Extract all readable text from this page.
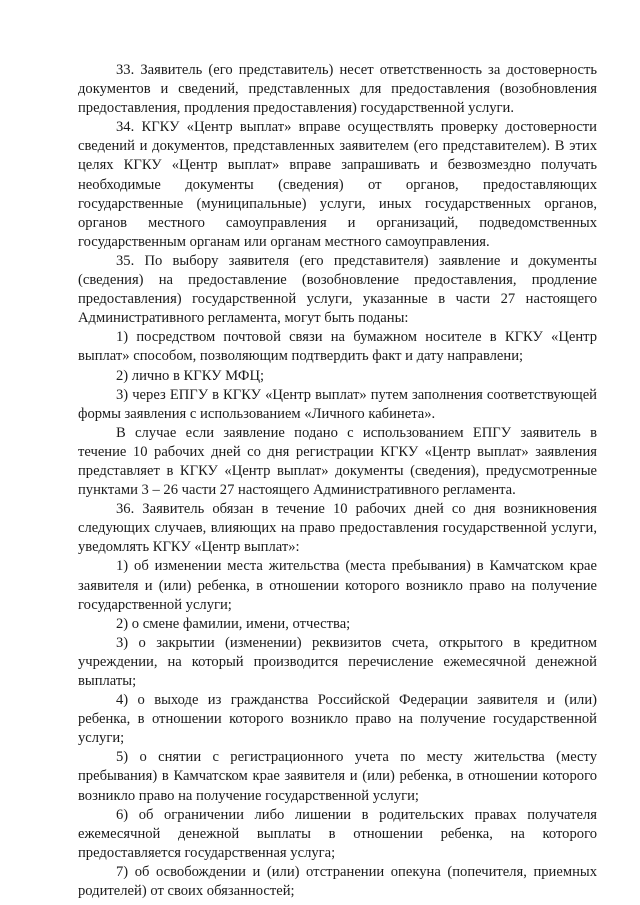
33. Заявитель (его представитель) несет ответственность за достоверность документов и сведений, представленных для предоставления (возобновления предоставления, продления предоставления) государственной услуги.

34. КГКУ «Центр выплат» вправе осуществлять проверку достоверности сведений и документов, представленных заявителем (его представителем). В этих целях КГКУ «Центр выплат» вправе запрашивать и безвозмездно получать необходимые документы (сведения) от органов, предоставляющих государственные (муниципальные) услуги, иных государственных органов, органов местного самоуправления и организаций, подведомственных государственным органам или органам местного самоуправления.

35. По выбору заявителя (его представителя) заявление и документы (сведения) на предоставление (возобновление предоставления, продление предоставления) государственной услуги, указанные в части 27 настоящего Административного регламента, могут быть поданы:

1) посредством почтовой связи на бумажном носителе в КГКУ «Центр выплат» способом, позволяющим подтвердить факт и дату направлени;

2) лично в КГКУ МФЦ;

3) через ЕПГУ в КГКУ «Центр выплат» путем заполнения соответствующей формы заявления с использованием «Личного кабинета».

В случае если заявление подано с использованием ЕПГУ заявитель в течение 10 рабочих дней со дня регистрации КГКУ «Центр выплат» заявления представляет в КГКУ «Центр выплат» документы (сведения), предусмотренные пунктами 3 – 26 части 27 настоящего Административного регламента.

36. Заявитель обязан в течение 10 рабочих дней со дня возникновения следующих случаев, влияющих на право предоставления государственной услуги, уведомлять КГКУ «Центр выплат»:

1) об изменении места жительства (места пребывания) в Камчатском крае заявителя и (или) ребенка, в отношении которого возникло право на получение государственной услуги;

2) о смене фамилии, имени, отчества;

3) о закрытии (изменении) реквизитов счета, открытого в кредитном учреждении, на который производится перечисление ежемесячной денежной выплаты;

4) о выходе из гражданства Российской Федерации заявителя и (или) ребенка, в отношении которого возникло право на получение государственной услуги;

5) о снятии с регистрационного учета по месту жительства (месту пребывания) в Камчатском крае заявителя и (или) ребенка, в отношении которого возникло право на получение государственной услуги;

6) об ограничении либо лишении в родительских правах получателя ежемесячной денежной выплаты в отношении ребенка, на которого предоставляется государственная услуга;

7) об освобождении и (или) отстранении опекуна (попечителя, приемных родителей) от своих обязанностей;
